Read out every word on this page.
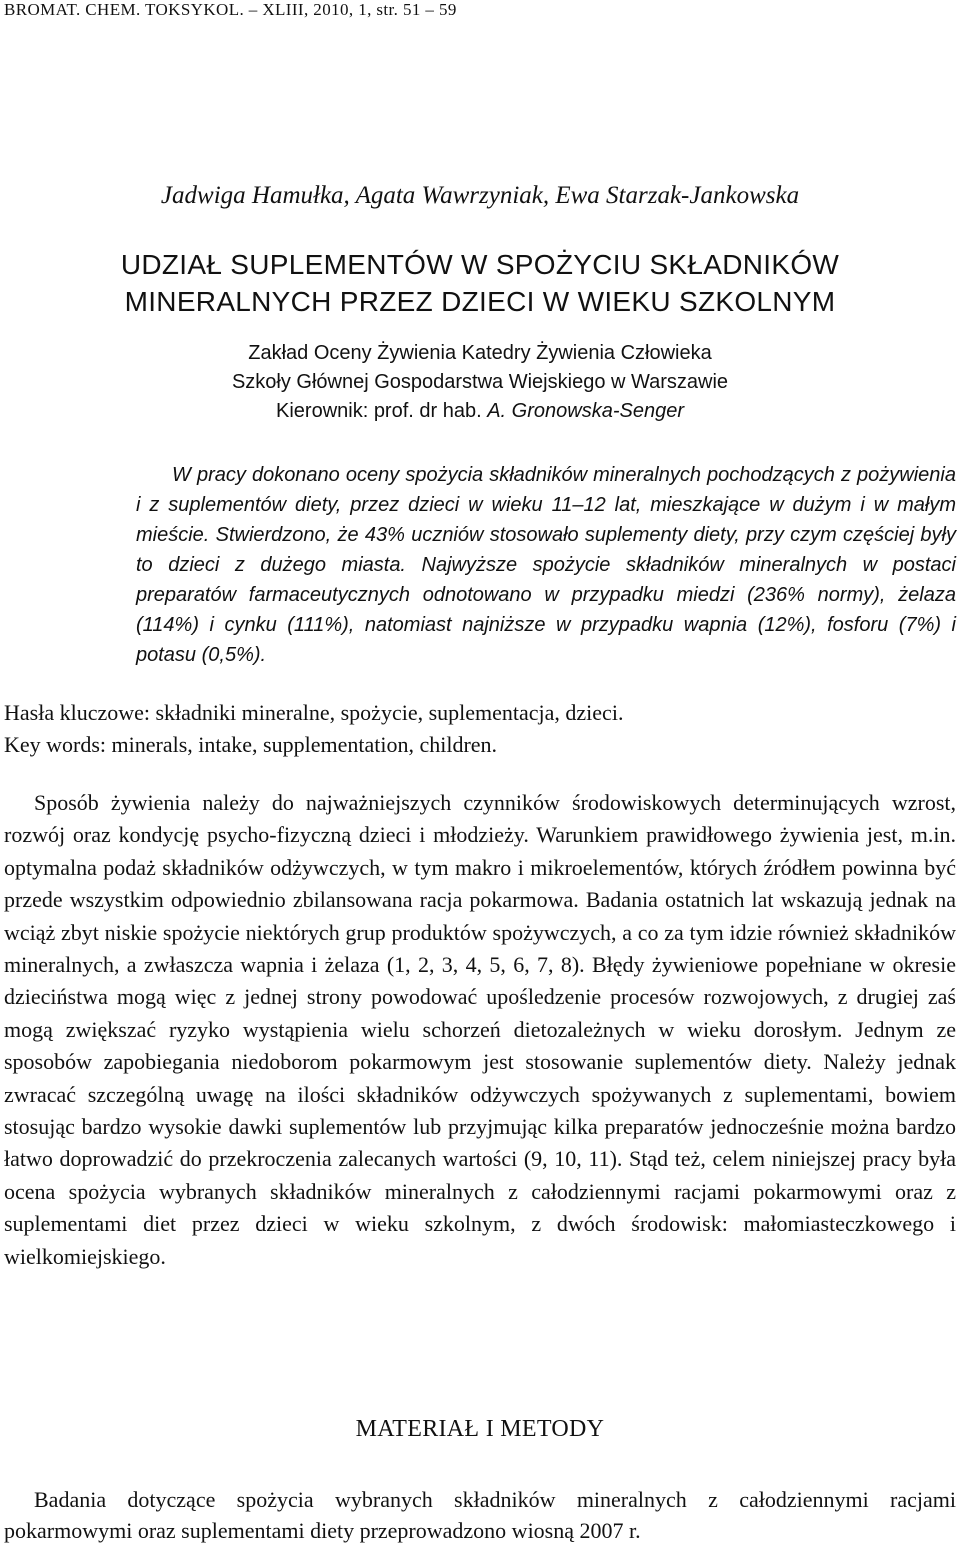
BROMAT. CHEM. TOKSYKOL. – XLIII, 2010, 1, str. 51 – 59
Jadwiga Hamułka, Agata Wawrzyniak, Ewa Starzak-Jankowska
UDZIAŁ SUPLEMENTÓW W SPOŻYCIU SKŁADNIKÓW
MINERALNYCH PRZEZ DZIECI W WIEKU SZKOLNYM
Zakład Oceny Żywienia Katedry Żywienia Człowieka
Szkoły Głównej Gospodarstwa Wiejskiego w Warszawie
Kierownik: prof. dr hab. A. Gronowska-Senger

W pracy dokonano oceny spożycia składników mineralnych pochodzących z pożywienia i z suplementów diety, przez dzieci w wieku 11–12 lat, mieszkające w dużym i w małym mieście. Stwierdzono, że 43% uczniów stosowało suplementy diety, przy czym częściej były to dzieci z dużego miasta. Najwyższe spożycie składników mineralnych w postaci preparatów farmaceutycznych odnotowano w przypadku miedzi (236% normy), żelaza (114%) i cynku (111%), natomiast najniższe w przypadku wapnia (12%), fosforu (7%) i potasu (0,5%).

Hasła kluczowe: składniki mineralne, spożycie, suplementacja, dzieci.
Key words: minerals, intake, supplementation, children.

Sposób żywienia należy do najważniejszych czynników środowiskowych determinujących wzrost, rozwój oraz kondycję psycho-fizyczną dzieci i młodzieży. Warunkiem prawidłowego żywienia jest, m.in. optymalna podaż składników odżywczych, w tym makro i mikroelementów, których źródłem powinna być przede wszystkim odpowiednio zbilansowana racja pokarmowa. Badania ostatnich lat wskazują jednak na wciąż zbyt niskie spożycie niektórych grup produktów spożywczych, a co za tym idzie również składników mineralnych, a zwłaszcza wapnia i żelaza (1, 2, 3, 4, 5, 6, 7, 8). Błędy żywieniowe popełniane w okresie dzieciństwa mogą więc z jednej strony powodować upośledzenie procesów rozwojowych, z drugiej zaś mogą zwiększać ryzyko wystąpienia wielu schorzeń dietozależnych w wieku dorosłym. Jednym ze sposobów zapobiegania niedoborom pokarmowym jest stosowanie suplementów diety. Należy jednak zwracać szczególną uwagę na ilości składników odżywczych spożywanych z suplementami, bowiem stosując bardzo wysokie dawki suplementów lub przyjmując kilka preparatów jednocześnie można bardzo łatwo doprowadzić do przekroczenia zalecanych wartości (9, 10, 11). Stąd też, celem niniejszej pracy była ocena spożycia wybranych składników mineralnych z całodziennymi racjami pokarmowymi oraz z suplementami diet przez dzieci w wieku szkolnym, z dwóch środowisk: małomiasteczkowego i wielkomiejskiego.

MATERIAŁ I METODY

Badania dotyczące spożycia wybranych składników mineralnych z całodziennymi racjami pokarmowymi oraz suplementami diety przeprowadzono wiosną 2007 r.
